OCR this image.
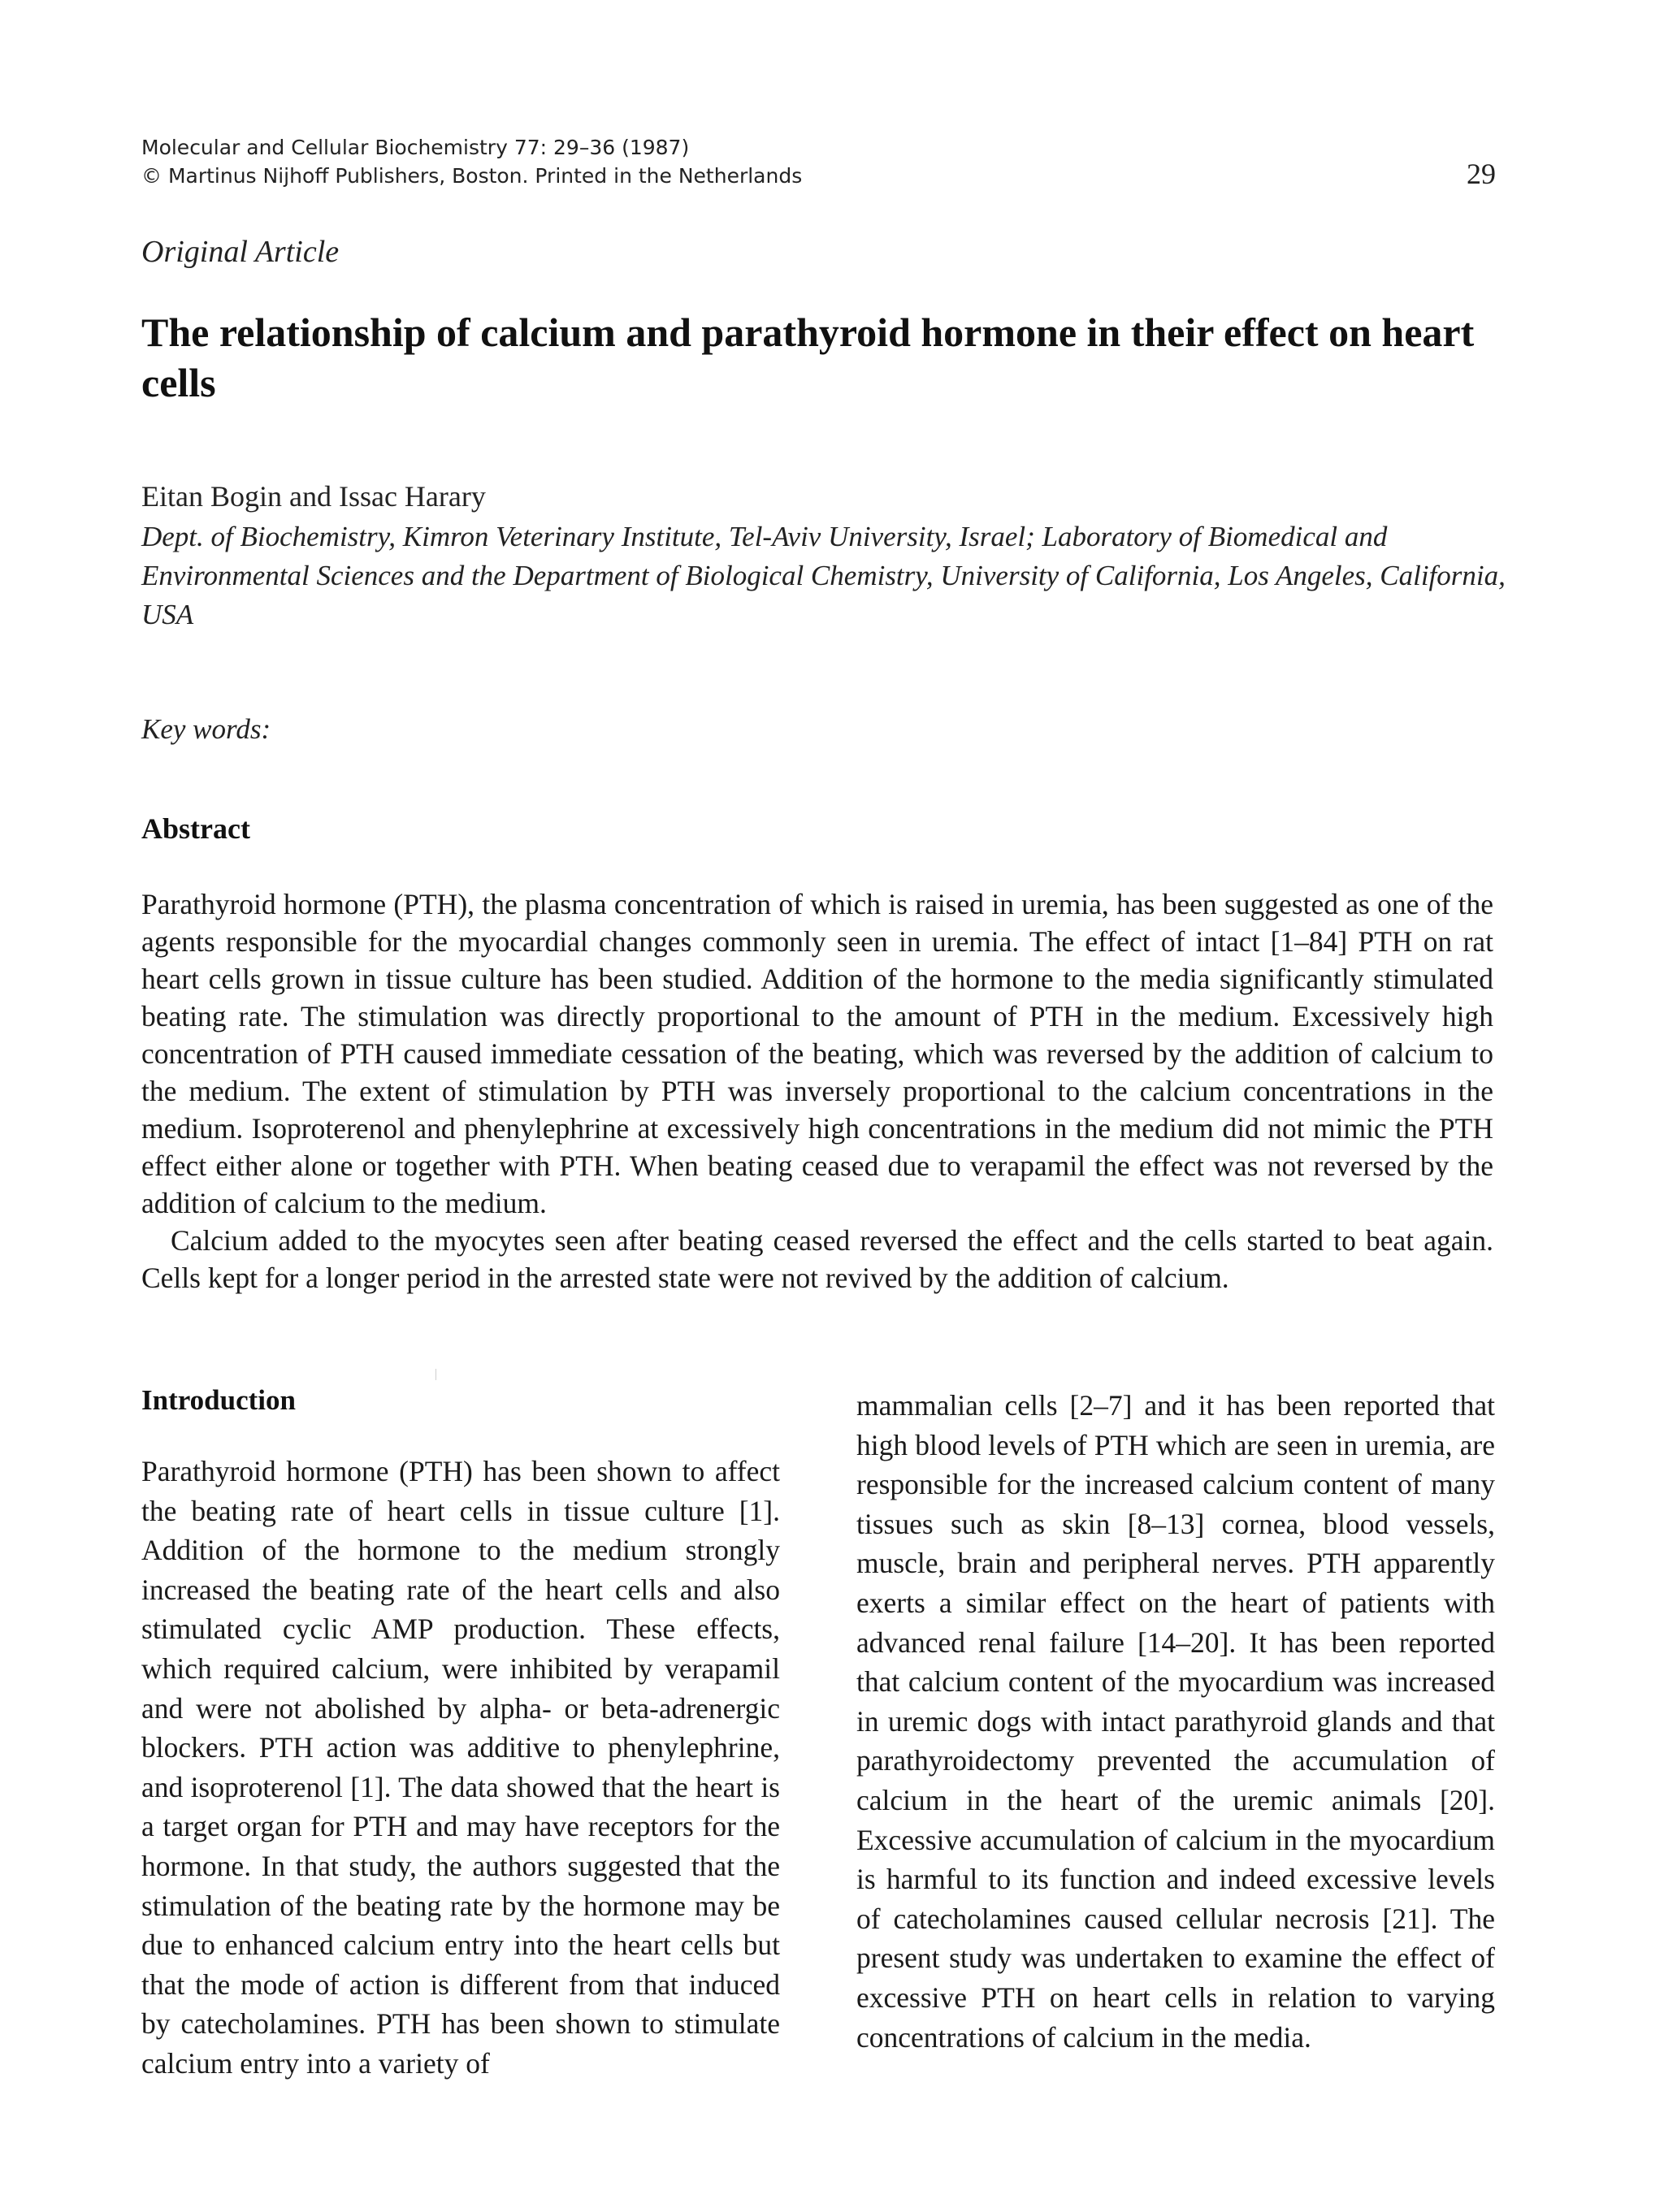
Molecular and Cellular Biochemistry 77: 29–36 (1987)
© Martinus Nijhoff Publishers, Boston. Printed in the Netherlands	29
Original Article
The relationship of calcium and parathyroid hormone in their effect on heart cells
Eitan Bogin and Issac Harary
Dept. of Biochemistry, Kimron Veterinary Institute, Tel-Aviv University, Israel; Laboratory of Biomedical and Environmental Sciences and the Department of Biological Chemistry, University of California, Los Angeles, California, USA
Key words:
Abstract

Parathyroid hormone (PTH), the plasma concentration of which is raised in uremia, has been suggested as one of the agents responsible for the myocardial changes commonly seen in uremia. The effect of intact [1–84] PTH on rat heart cells grown in tissue culture has been studied. Addition of the hormone to the media significantly stimulated beating rate. The stimulation was directly proportional to the amount of PTH in the medium. Excessively high concentration of PTH caused immediate cessation of the beating, which was reversed by the addition of calcium to the medium. The extent of stimulation by PTH was inversely proportional to the calcium concentrations in the medium. Isoproterenol and phenylephrine at excessively high concentrations in the medium did not mimic the PTH effect either alone or together with PTH. When beating ceased due to verapamil the effect was not reversed by the addition of calcium to the medium.

Calcium added to the myocytes seen after beating ceased reversed the effect and the cells started to beat again. Cells kept for a longer period in the arrested state were not revived by the addition of calcium.

Introduction

Parathyroid hormone (PTH) has been shown to affect the beating rate of heart cells in tissue culture [1]. Addition of the hormone to the medium strongly increased the beating rate of the heart cells and also stimulated cyclic AMP production. These effects, which required calcium, were inhibited by verapamil and were not abolished by alpha- or beta-adrenergic blockers. PTH action was additive to phenylephrine, and isoproterenol [1]. The data showed that the heart is a target organ for PTH and may have receptors for the hormone. In that study, the authors suggested that the stimulation of the beating rate by the hormone may be due to enhanced calcium entry into the heart cells but that the mode of action is different from that induced by catecholamines. PTH has been shown to stimulate calcium entry into a variety of

mammalian cells [2–7] and it has been reported that high blood levels of PTH which are seen in uremia, are responsible for the increased calcium content of many tissues such as skin [8–13] cornea, blood vessels, muscle, brain and peripheral nerves. PTH apparently exerts a similar effect on the heart of patients with advanced renal failure [14–20]. It has been reported that calcium content of the myocardium was increased in uremic dogs with intact parathyroid glands and that parathyroidectomy prevented the accumulation of calcium in the heart of the uremic animals [20]. Excessive accumulation of calcium in the myocardium is harmful to its function and indeed excessive levels of catecholamines caused cellular necrosis [21]. The present study was undertaken to examine the effect of excessive PTH on heart cells in relation to varying concentrations of calcium in the media.
